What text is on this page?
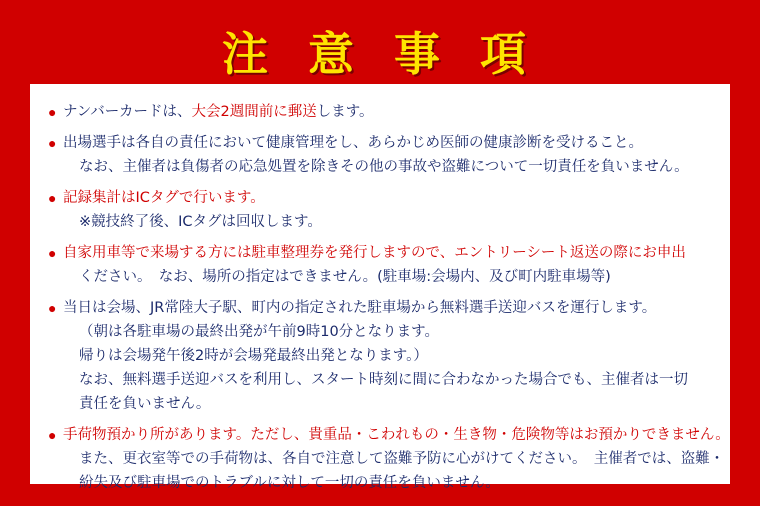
注 意 事 項
● ナンバーカードは、大会2週間前に郵送します。
● 出場選手は各自の責任において健康管理をし、あらかじめ医師の健康診断を受けること。
なお、主催者は負傷者の応急処置を除きその他の事故や盗難について一切責任を負いません。
● 記録集計はICタグで行います。
※競技終了後、ICタグは回収します。
● 自家用車等で来場する方には駐車整理券を発行しますので、エントリーシート返送の際にお申出
ください。　なお、場所の指定はできません。(駐車場:会場内、及び町内駐車場等)
● 当日は会場、JR常陸大子駅、町内の指定された駐車場から無料選手送迎バスを運行します。
（朝は各駐車場の最終出発が午前9時10分となります。
帰りは会場発午後2時が会場発最終出発となります。）
なお、無料選手送迎バスを利用し、スタート時刻に間に合わなかった場合でも、主催者は一切
責任を負いません。
● 手荷物預かり所があります。ただし、貴重品・こわれもの・生き物・危険物等はお預かりできません。
また、更衣室等での手荷物は、各自で注意して盗難予防に心がけてください。　主催者では、盗難・
紛失及び駐車場でのトラブルに対して一切の責任を負いません。
